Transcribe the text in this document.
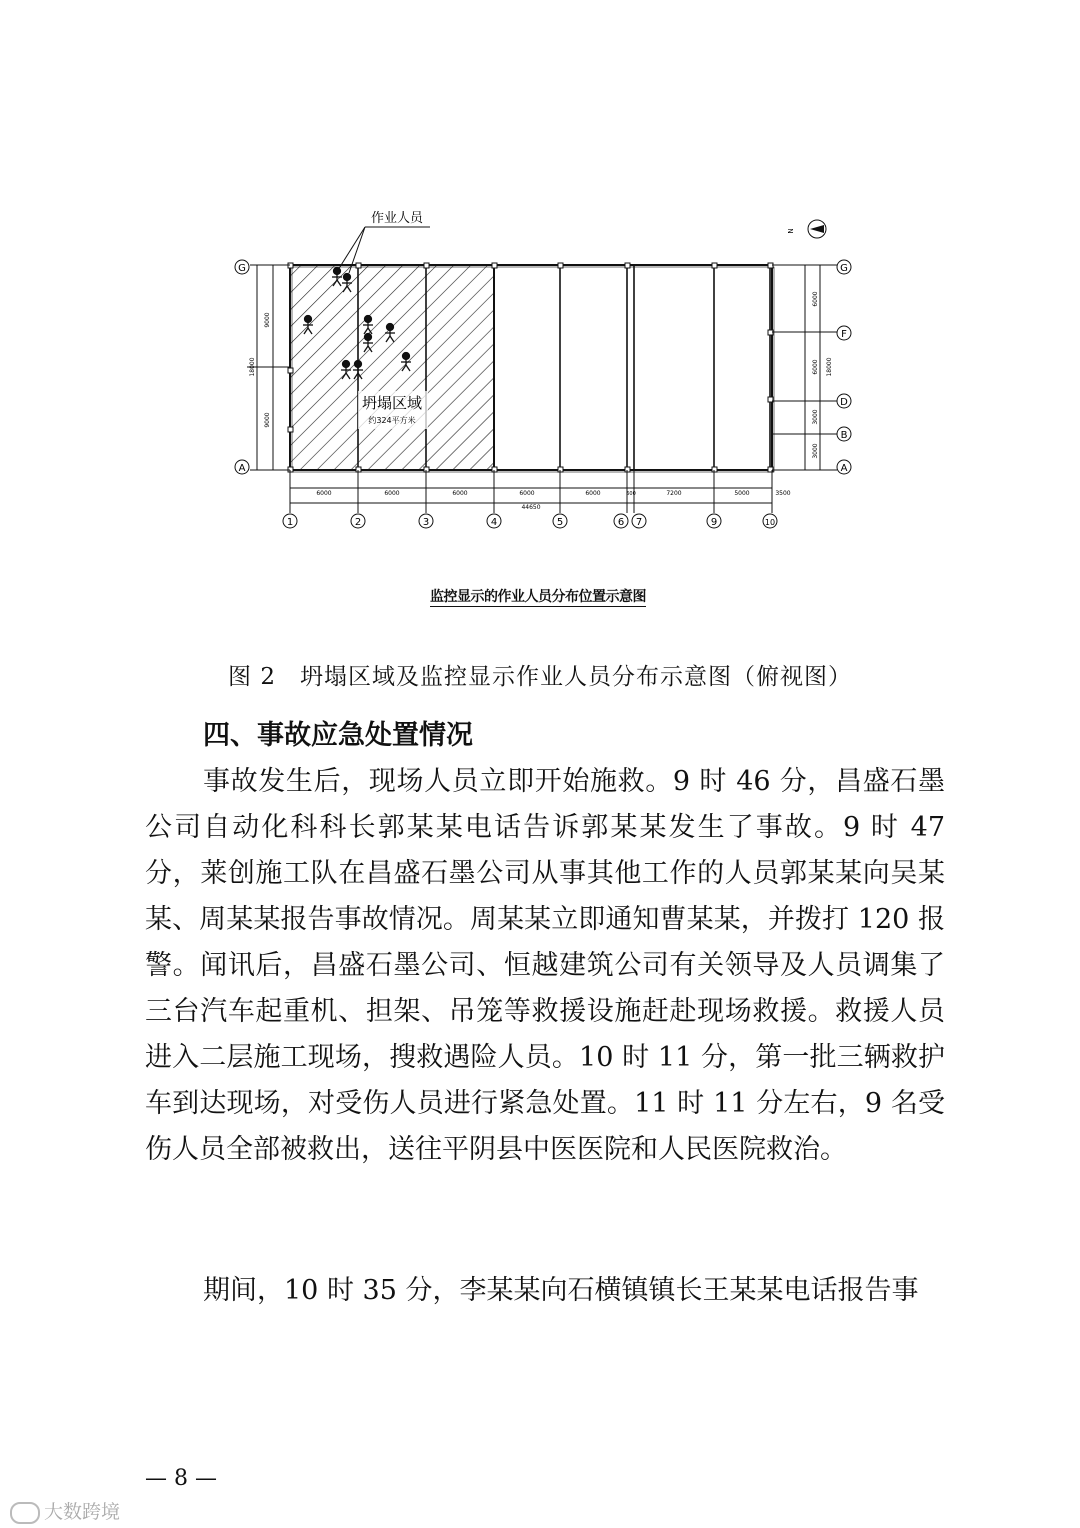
G
A
9000
18000
9000
G
F
D
B
A
6000
6000 18000
3000
3000
6000	6000	6000	6000	6000	600	7200	5000	3500
44650
1	2	3	4	5	6 7	9	10
N
作业人员
坍塌区域
约324平方米
监控显示的作业人员分布位置示意图
图 2　坍塌区域及监控显示作业人员分布示意图（俯视图）
四、事故应急处置情况

事故发生后，现场人员立即开始施救。9 时 46 分，昌盛石墨公司自动化科科长郭某某电话告诉郭某某发生了事故。9 时 47 分，莱创施工队在昌盛石墨公司从事其他工作的人员郭某某向吴某某、周某某报告事故情况。周某某立即通知曹某某，并拨打 120 报警。闻讯后，昌盛石墨公司、恒越建筑公司有关领导及人员调集了三台汽车起重机、担架、吊笼等救援设施赶赴现场救援。救援人员进入二层施工现场，搜救遇险人员。10 时 11 分，第一批三辆救护车到达现场，对受伤人员进行紧急处置。11 时 11 分左右，9 名受伤人员全部被救出，送往平阴县中医医院和人民医院救治。

期间，10 时 35 分，李某某向石横镇镇长王某某电话报告事

— 8 —
大数跨境
